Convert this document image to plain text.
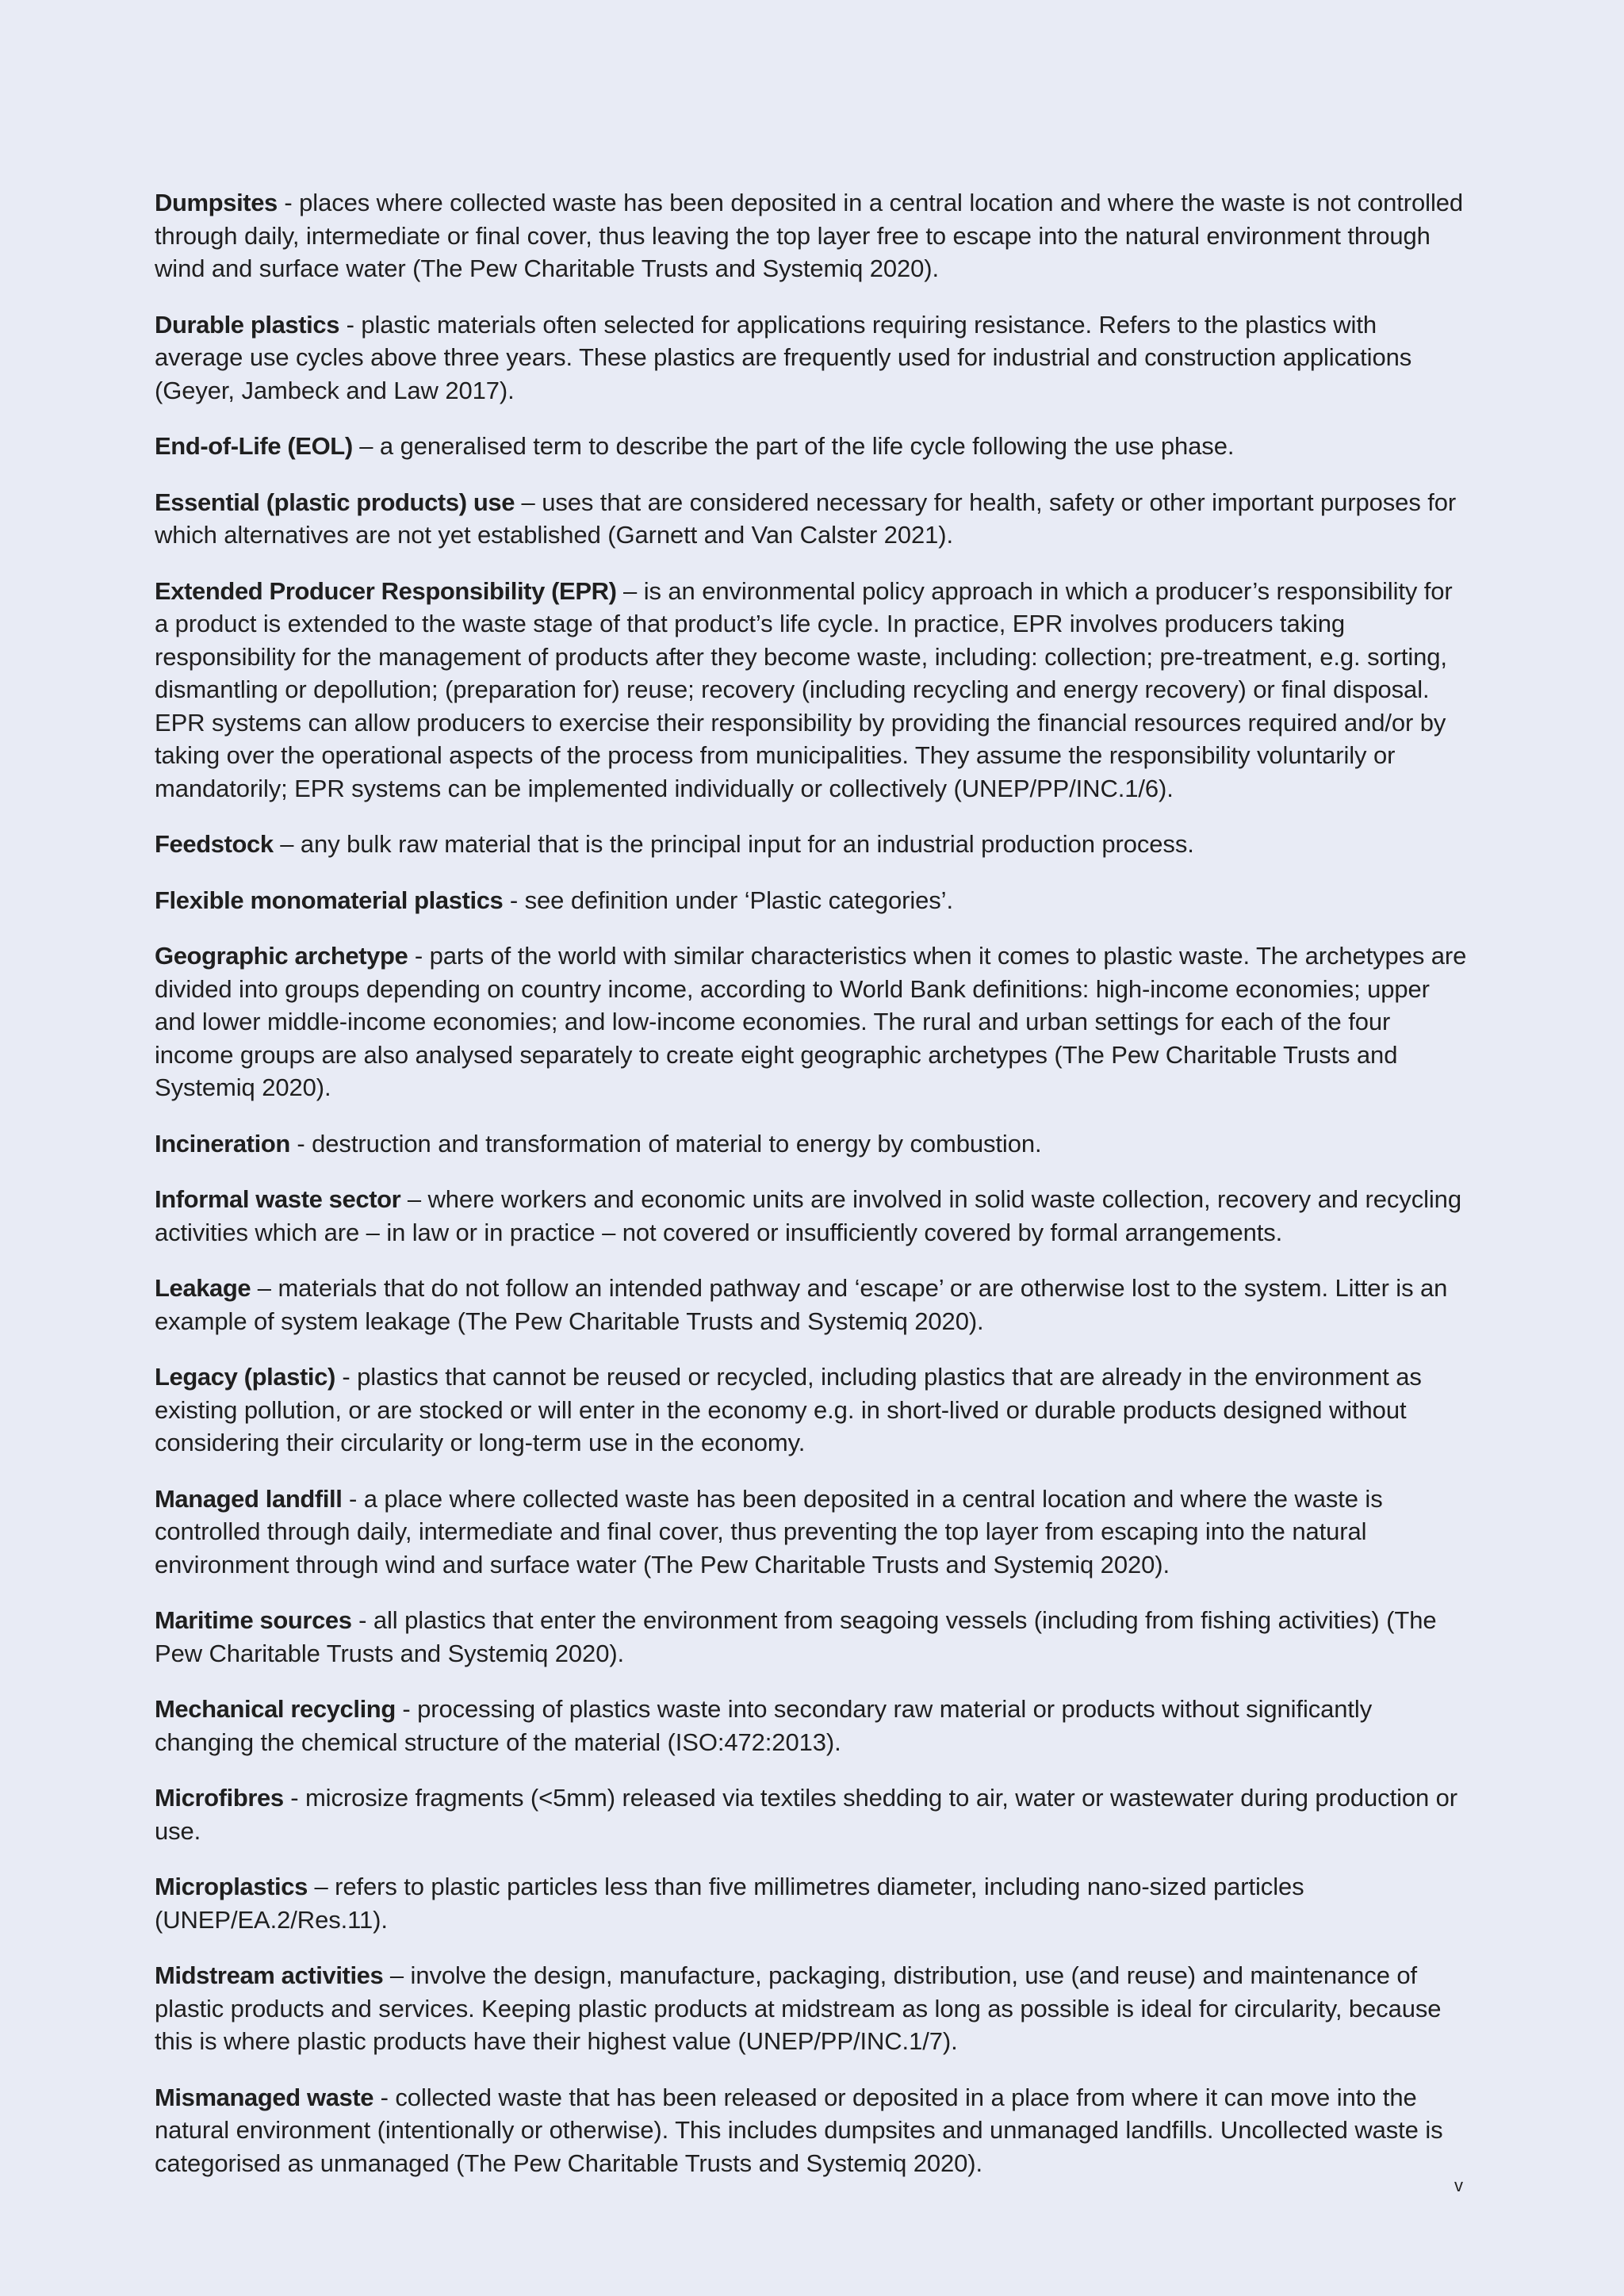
Dumpsites - places where collected waste has been deposited in a central location and where the waste is not controlled through daily, intermediate or final cover, thus leaving the top layer free to escape into the natural environment through wind and surface water (The Pew Charitable Trusts and Systemiq 2020).

Durable plastics - plastic materials often selected for applications requiring resistance. Refers to the plastics with average use cycles above three years. These plastics are frequently used for industrial and construction applications (Geyer, Jambeck and Law 2017).

End-of-Life (EOL) – a generalised term to describe the part of the life cycle following the use phase.

Essential (plastic products) use – uses that are considered necessary for health, safety or other important purposes for which alternatives are not yet established (Garnett and Van Calster 2021).

Extended Producer Responsibility (EPR) – is an environmental policy approach in which a producer’s responsibility for a product is extended to the waste stage of that product’s life cycle. In practice, EPR involves producers taking responsibility for the management of products after they become waste, including: collection; pre-treatment, e.g. sorting, dismantling or depollution; (preparation for) reuse; recovery (including recycling and energy recovery) or final disposal. EPR systems can allow producers to exercise their responsibility by providing the financial resources required and/or by taking over the operational aspects of the process from municipalities. They assume the responsibility voluntarily or mandatorily; EPR systems can be implemented individually or collectively (UNEP/PP/INC.1/6).

Feedstock – any bulk raw material that is the principal input for an industrial production process.

Flexible monomaterial plastics - see definition under ‘Plastic categories’.

Geographic archetype - parts of the world with similar characteristics when it comes to plastic waste. The archetypes are divided into groups depending on country income, according to World Bank definitions: high-income economies; upper and lower middle-income economies; and low-income economies. The rural and urban settings for each of the four income groups are also analysed separately to create eight geographic archetypes (The Pew Charitable Trusts and Systemiq 2020).

Incineration - destruction and transformation of material to energy by combustion.

Informal waste sector – where workers and economic units are involved in solid waste collection, recovery and recycling activities which are – in law or in practice – not covered or insufficiently covered by formal arrangements.

Leakage – materials that do not follow an intended pathway and ‘escape’ or are otherwise lost to the system. Litter is an example of system leakage (The Pew Charitable Trusts and Systemiq 2020).

Legacy (plastic) - plastics that cannot be reused or recycled, including plastics that are already in the environment as existing pollution, or are stocked or will enter in the economy e.g. in short-lived or durable products designed without considering their circularity or long-term use in the economy.

Managed landfill - a place where collected waste has been deposited in a central location and where the waste is controlled through daily, intermediate and final cover, thus preventing the top layer from escaping into the natural environment through wind and surface water (The Pew Charitable Trusts and Systemiq 2020).

Maritime sources - all plastics that enter the environment from seagoing vessels (including from fishing activities) (The Pew Charitable Trusts and Systemiq 2020).

Mechanical recycling - processing of plastics waste into secondary raw material or products without significantly changing the chemical structure of the material (ISO:472:2013).

Microfibres - microsize fragments (<5mm) released via textiles shedding to air, water or wastewater during production or use.

Microplastics – refers to plastic particles less than five millimetres diameter, including nano-sized particles (UNEP/EA.2/Res.11).

Midstream activities – involve the design, manufacture, packaging, distribution, use (and reuse) and maintenance of plastic products and services. Keeping plastic products at midstream as long as possible is ideal for circularity, because this is where plastic products have their highest value (UNEP/PP/INC.1/7).

Mismanaged waste - collected waste that has been released or deposited in a place from where it can move into the natural environment (intentionally or otherwise). This includes dumpsites and unmanaged landfills. Uncollected waste is categorised as unmanaged (The Pew Charitable Trusts and Systemiq 2020).

v
